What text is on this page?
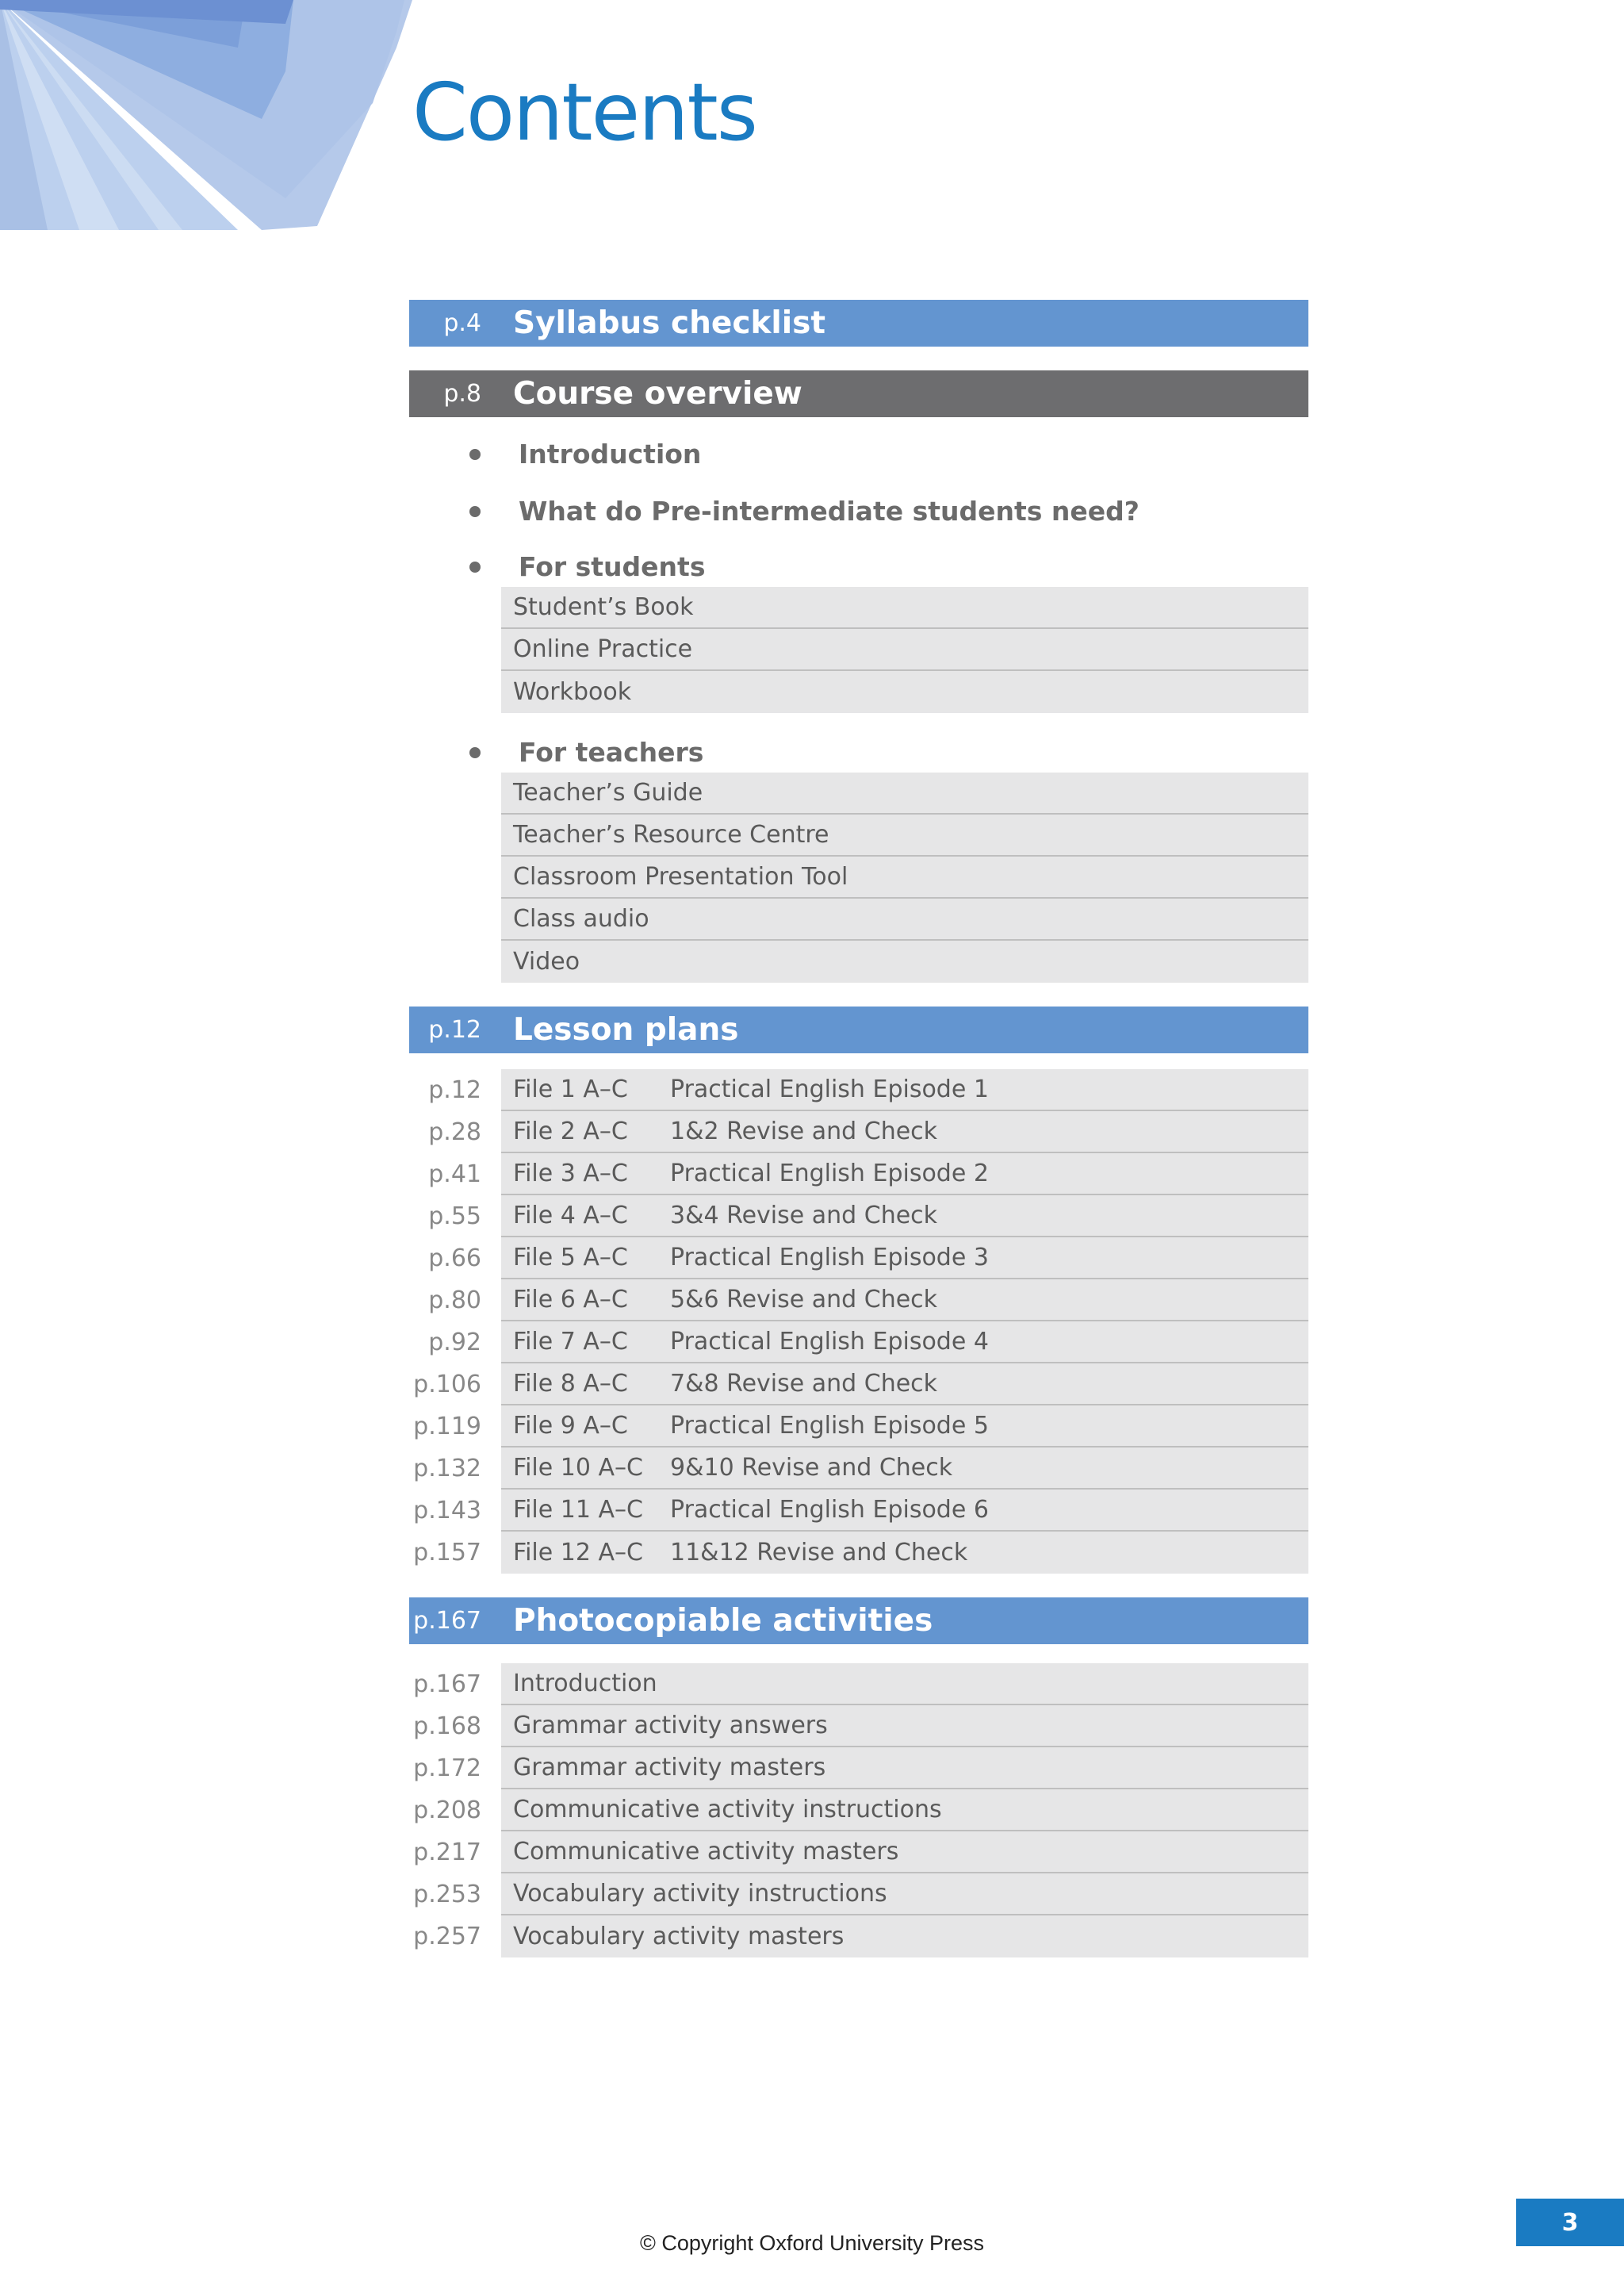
Contents
p.4 Syllabus checklist
p.8 Course overview
Introduction
What do Pre-intermediate students need?
For students
Student’s Book
Online Practice
Workbook
For teachers
Teacher’s Guide
Teacher’s Resource Centre
Classroom Presentation Tool
Class audio
Video
p.12 Lesson plans
p.12 File 1 A–C	Practical English Episode 1
p.28 File 2 A–C	1&2 Revise and Check
p.41 File 3 A–C	Practical English Episode 2
p.55 File 4 A–C	3&4 Revise and Check
p.66 File 5 A–C	Practical English Episode 3
p.80 File 6 A–C	5&6 Revise and Check
p.92 File 7 A–C	Practical English Episode 4
p.106 File 8 A–C	7&8 Revise and Check
p.119 File 9 A–C	Practical English Episode 5
p.132 File 10 A–C	9&10 Revise and Check
p.143 File 11 A–C	Practical English Episode 6
p.157 File 12 A–C	11&12 Revise and Check
p.167 Photocopiable activities
p.167	Introduction
p.168	Grammar activity answers
p.172	Grammar activity masters
p.208	Communicative activity instructions
p.217	Communicative activity masters
p.253	Vocabulary activity instructions
p.257	Vocabulary activity masters
3
© Copyright Oxford University Press
